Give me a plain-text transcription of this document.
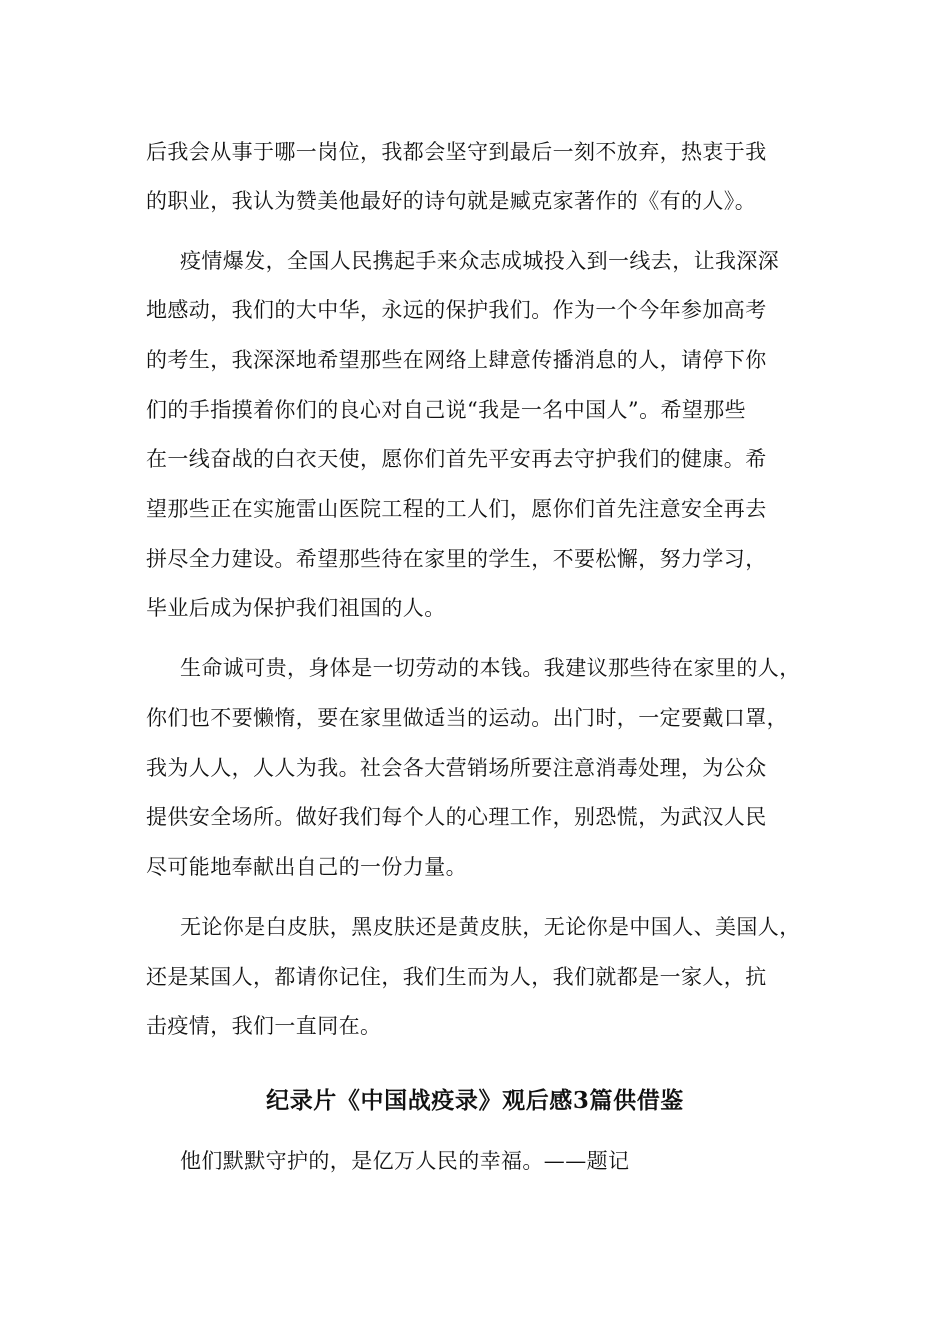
后我会从事于哪一岗位，我都会坚守到最后一刻不放弃，热衷于我
的职业，我认为赞美他最好的诗句就是臧克家著作的《有的人》。
疫情爆发，全国人民携起手来众志成城投入到一线去，让我深深
地感动，我们的大中华，永远的保护我们。作为一个今年参加高考
的考生，我深深地希望那些在网络上肆意传播消息的人，请停下你
们的手指摸着你们的良心对自己说“我是一名中国人”。希望那些
在一线奋战的白衣天使，愿你们首先平安再去守护我们的健康。希
望那些正在实施雷山医院工程的工人们，愿你们首先注意安全再去
拼尽全力建设。希望那些待在家里的学生，不要松懈，努力学习，
毕业后成为保护我们祖国的人。
生命诚可贵，身体是一切劳动的本钱。我建议那些待在家里的人，
你们也不要懒惰，要在家里做适当的运动。出门时，一定要戴口罩，
我为人人，人人为我。社会各大营销场所要注意消毒处理，为公众
提供安全场所。做好我们每个人的心理工作，别恐慌，为武汉人民
尽可能地奉献出自己的一份力量。
无论你是白皮肤，黑皮肤还是黄皮肤，无论你是中国人、美国人，
还是某国人，都请你记住，我们生而为人，我们就都是一家人，抗
击疫情，我们一直同在。
纪录片《中国战疫录》观后感3篇供借鉴
他们默默守护的，是亿万人民的幸福。——题记
